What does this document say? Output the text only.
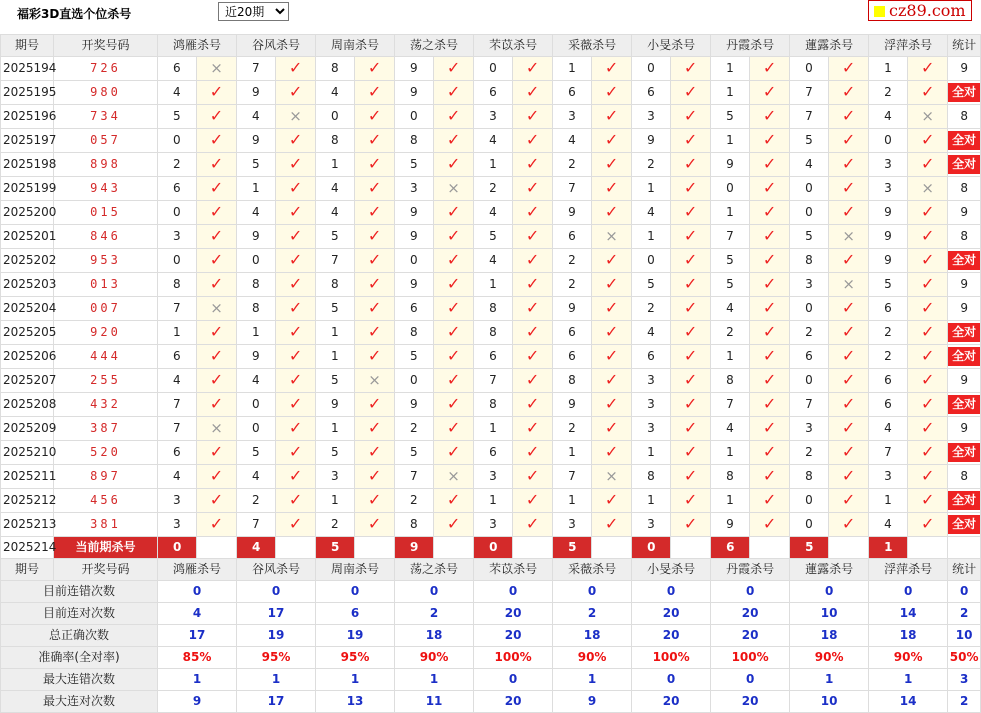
福彩3D直选个位杀号
近20期	cz89.com
期号	开奖号码	鸿雁杀号		谷风杀号		周南杀号		荡之杀号		芣苡杀号		采薇杀号		小旻杀号		丹霞杀号		蓮露杀号		浮萍杀号		统计
2025194	726	6	×	7	✓	8	✓	9	✓	0	✓	1	✓	0	✓	1	✓	0	✓	1	✓	9
2025195	980	4	✓	9	✓	4	✓	9	✓	6	✓	6	✓	6	✓	1	✓	7	✓	2	✓	全对
2025196	734	5	✓	4	×	0	✓	0	✓	3	✓	3	✓	3	✓	5	✓	7	✓	4	×	8
2025197	057	0	✓	9	✓	8	✓	8	✓	4	✓	4	✓	9	✓	1	✓	5	✓	0	✓	全对
2025198	898	2	✓	5	✓	1	✓	5	✓	1	✓	2	✓	2	✓	9	✓	4	✓	3	✓	全对
2025199	943	6	✓	1	✓	4	✓	3	×	2	✓	7	✓	1	✓	0	✓	0	✓	3	×	8
2025200	015	0	✓	4	✓	4	✓	9	✓	4	✓	9	✓	4	✓	1	✓	0	✓	9	✓	9
2025201	846	3	✓	9	✓	5	✓	9	✓	5	✓	6	×	1	✓	7	✓	5	×	9	✓	8
2025202	953	0	✓	0	✓	7	✓	0	✓	4	✓	2	✓	0	✓	5	✓	8	✓	9	✓	全对
2025203	013	8	✓	8	✓	8	✓	9	✓	1	✓	2	✓	5	✓	5	✓	3	×	5	✓	9
2025204	007	7	×	8	✓	5	✓	6	✓	8	✓	9	✓	2	✓	4	✓	0	✓	6	✓	9
2025205	920	1	✓	1	✓	1	✓	8	✓	8	✓	6	✓	4	✓	2	✓	2	✓	2	✓	全对
2025206	444	6	✓	9	✓	1	✓	5	✓	6	✓	6	✓	6	✓	1	✓	6	✓	2	✓	全对
2025207	255	4	✓	4	✓	5	×	0	✓	7	✓	8	✓	3	✓	8	✓	0	✓	6	✓	9
2025208	432	7	✓	0	✓	9	✓	9	✓	8	✓	9	✓	3	✓	7	✓	7	✓	6	✓	全对
2025209	387	7	×	0	✓	1	✓	2	✓	1	✓	2	✓	3	✓	4	✓	3	✓	4	✓	9
2025210	520	6	✓	5	✓	5	✓	5	✓	6	✓	1	✓	1	✓	1	✓	2	✓	7	✓	全对
2025211	897	4	✓	4	✓	3	✓	7	×	3	✓	7	×	8	✓	8	✓	8	✓	3	✓	8
2025212	456	3	✓	2	✓	1	✓	2	✓	1	✓	1	✓	1	✓	1	✓	0	✓	1	✓	全对
2025213	381	3	✓	7	✓	2	✓	8	✓	3	✓	3	✓	3	✓	9	✓	0	✓	4	✓	全对
2025214	当前期杀号	0		4		5		9		0		5		0		6		5		1		
期号	开奖号码	鸿雁杀号		谷风杀号		周南杀号		荡之杀号		芣苡杀号		采薇杀号		小旻杀号		丹霞杀号		蓮露杀号		浮萍杀号		统计
目前连错次数		0		0		0		0		0		0		0		0		0		0		0
目前连对次数		4		17		6		2		20		2		20		20		10		14		2
总正确次数		17		19		19		18		20		18		20		20		18		18		10
准确率(全对率)		85%		95%		95%		90%		100%		90%		100%		100%		90%		90%		50%
最大连错次数		1		1		1		1		0		1		0		0		1		1		3
最大连对次数		9		17		13		11		20		9		20		20		10		14		2
